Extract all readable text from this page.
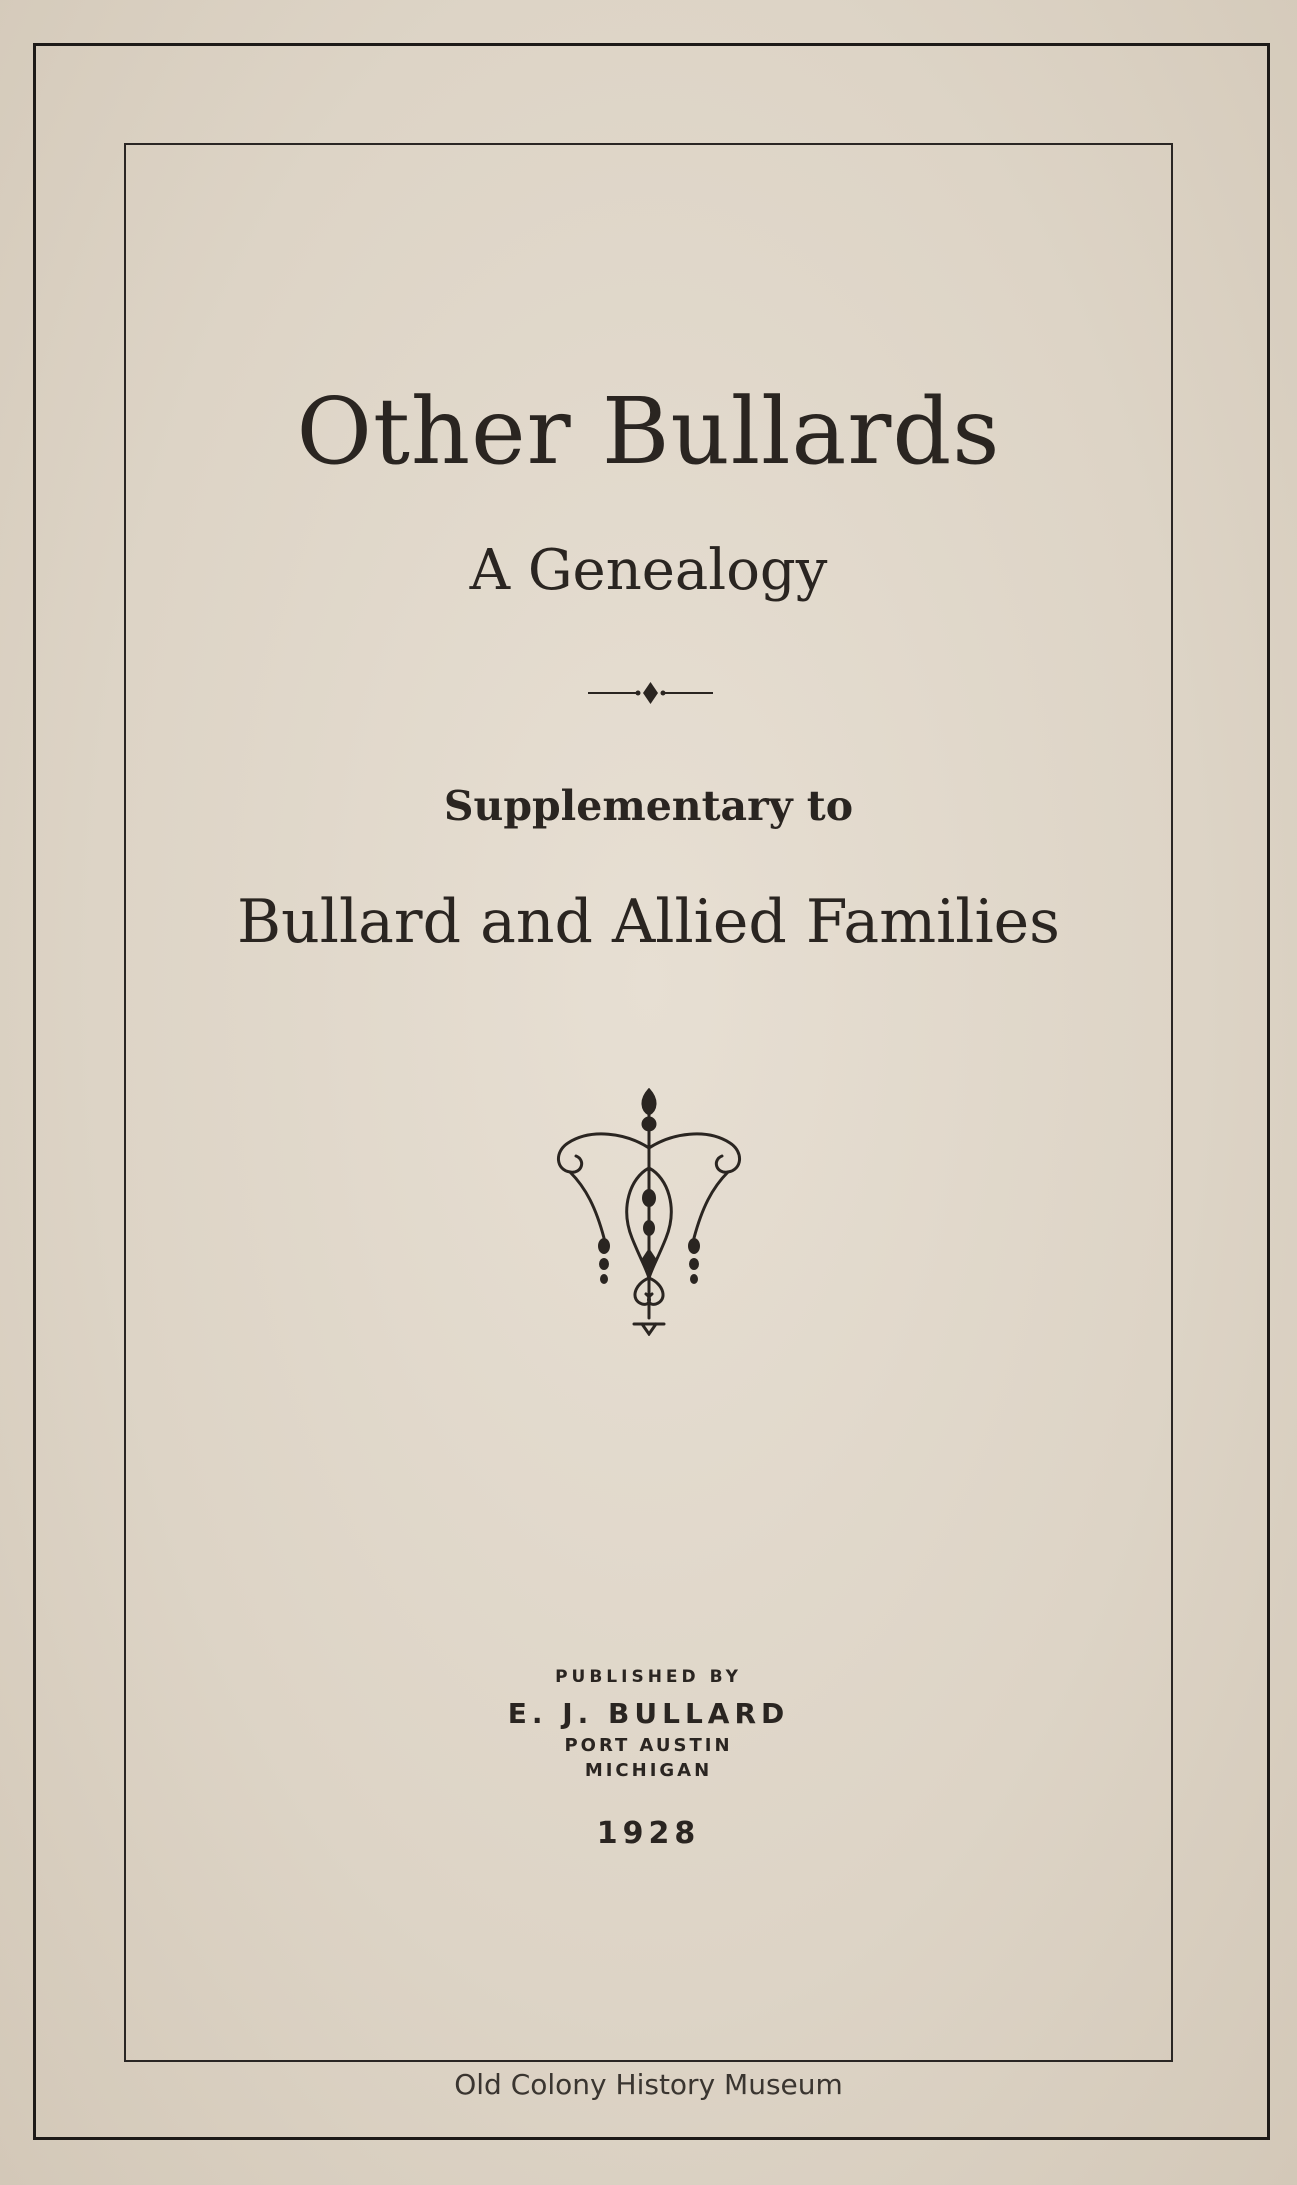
Other Bullards
A Genealogy
Supplementary to
Bullard and Allied Families
PUBLISHED BY
E. J. BULLARD
PORT AUSTIN
MICHIGAN
1928
Old Colony History Museum
